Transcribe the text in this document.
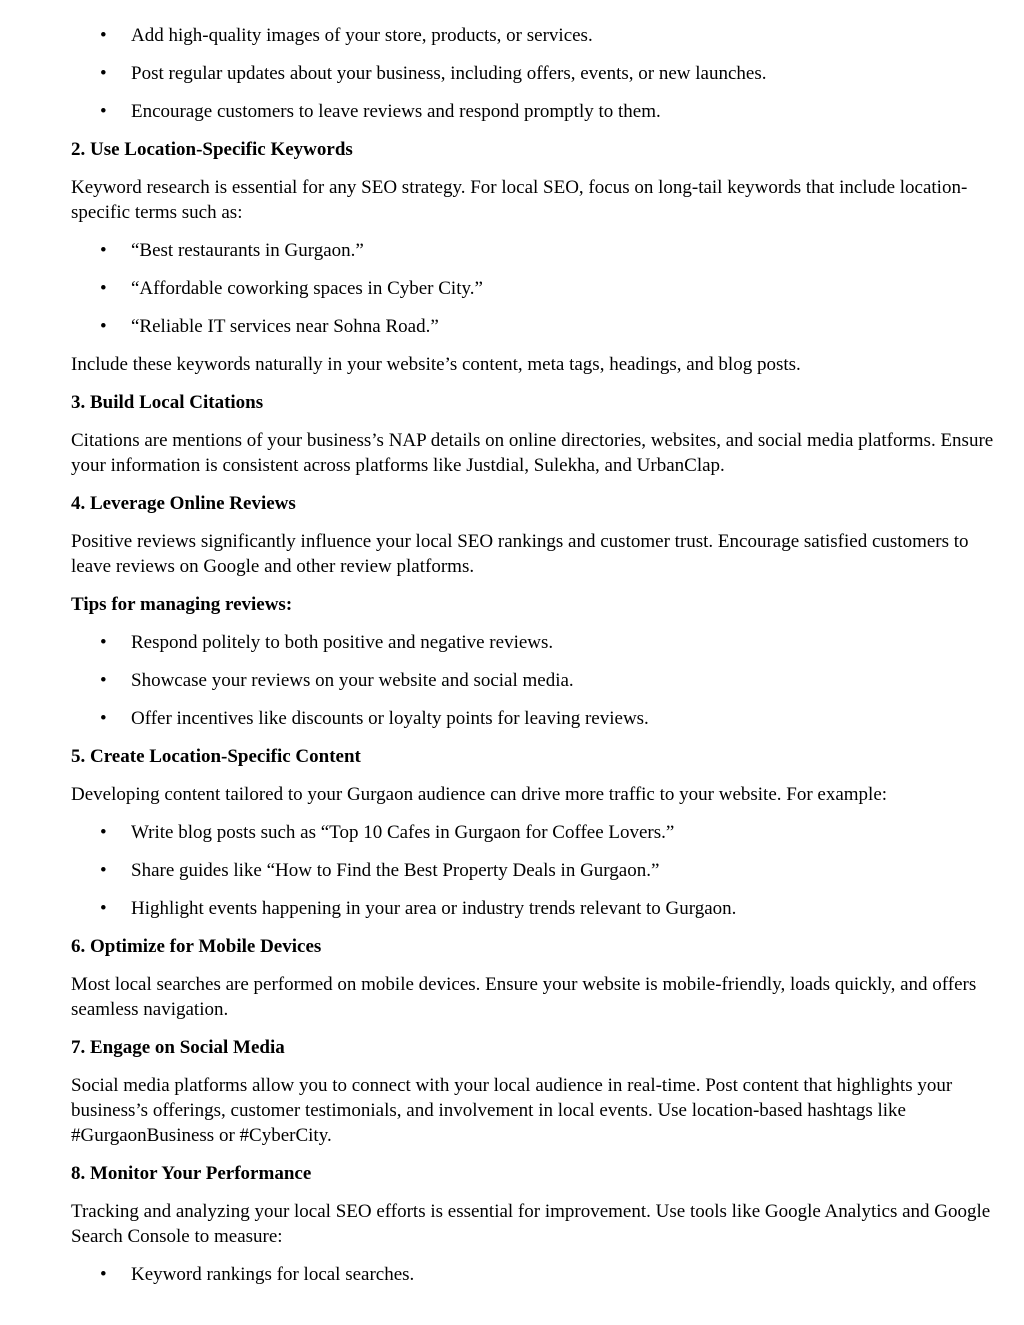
• Add high-quality images of your store, products, or services.
• Post regular updates about your business, including offers, events, or new launches.
• Encourage customers to leave reviews and respond promptly to them.
2. Use Location-Specific Keywords

Keyword research is essential for any SEO strategy. For local SEO, focus on long-tail keywords that include location-specific terms such as:

• “Best restaurants in Gurgaon.”
• “Affordable coworking spaces in Cyber City.”
• “Reliable IT services near Sohna Road.”

Include these keywords naturally in your website’s content, meta tags, headings, and blog posts.

3. Build Local Citations

Citations are mentions of your business’s NAP details on online directories, websites, and social media platforms. Ensure your information is consistent across platforms like Justdial, Sulekha, and UrbanClap.

4. Leverage Online Reviews

Positive reviews significantly influence your local SEO rankings and customer trust. Encourage satisfied customers to leave reviews on Google and other review platforms.

Tips for managing reviews:

• Respond politely to both positive and negative reviews.
• Showcase your reviews on your website and social media.
• Offer incentives like discounts or loyalty points for leaving reviews.
5. Create Location-Specific Content

Developing content tailored to your Gurgaon audience can drive more traffic to your website. For example:

• Write blog posts such as “Top 10 Cafes in Gurgaon for Coffee Lovers.”
• Share guides like “How to Find the Best Property Deals in Gurgaon.”
• Highlight events happening in your area or industry trends relevant to Gurgaon.
6. Optimize for Mobile Devices

Most local searches are performed on mobile devices. Ensure your website is mobile-friendly, loads quickly, and offers seamless navigation.

7. Engage on Social Media

Social media platforms allow you to connect with your local audience in real-time. Post content that highlights your business’s offerings, customer testimonials, and involvement in local events. Use location-based hashtags like #GurgaonBusiness or #CyberCity.

8. Monitor Your Performance

Tracking and analyzing your local SEO efforts is essential for improvement. Use tools like Google Analytics and Google Search Console to measure:

• Keyword rankings for local searches.
